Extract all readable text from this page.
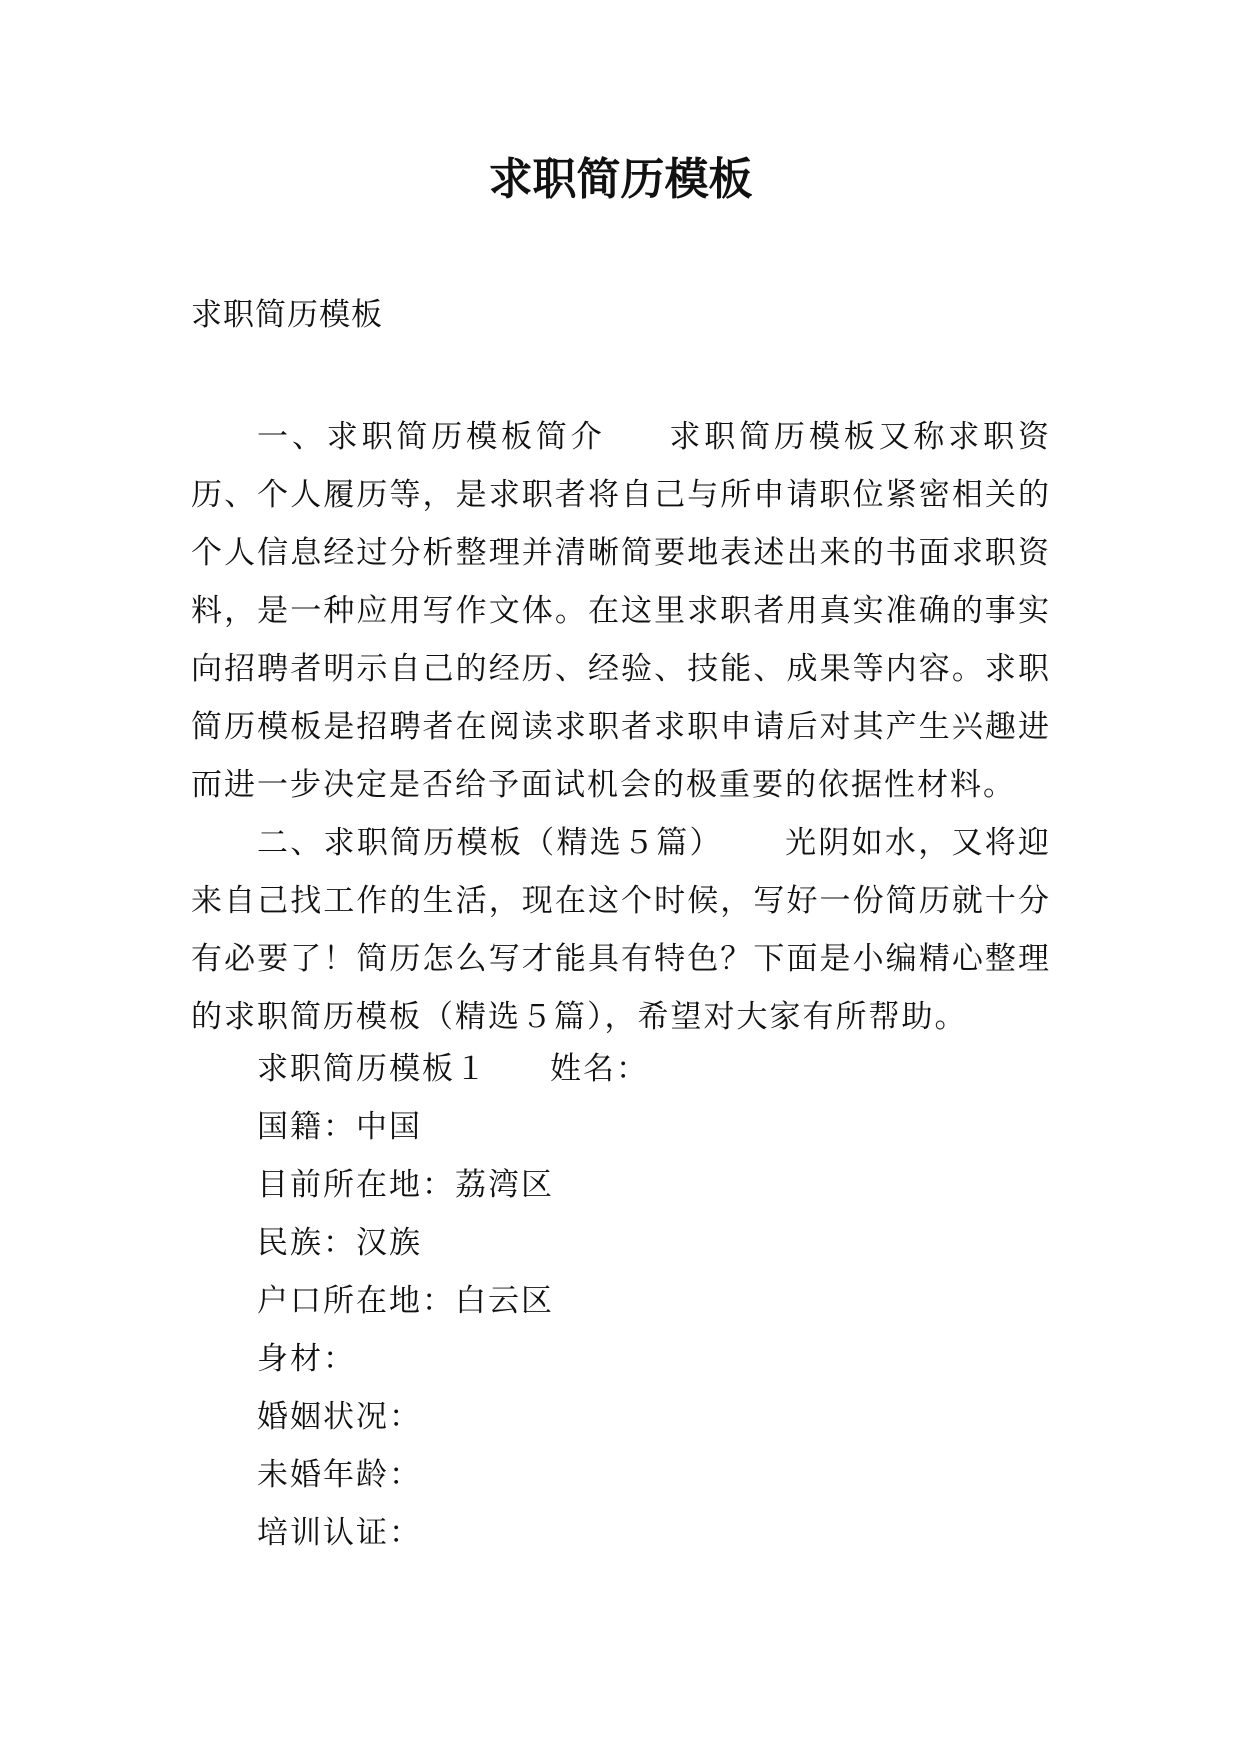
求职简历模板

求职简历模板

一、求职简历模板简介 求职简历模板又称求职资历、个人履历等，是求职者将自己与所申请职位紧密相关的个人信息经过分析整理并清晰简要地表述出来的书面求职资料，是一种应用写作文体。在这里求职者用真实准确的事实向招聘者明示自己的经历、经验、技能、成果等内容。求职简历模板是招聘者在阅读求职者求职申请后对其产生兴趣进而进一步决定是否给予面试机会的极重要的依据性材料。

二、求职简历模板（精选５篇） 光阴如水，又将迎来自己找工作的生活，现在这个时候，写好一份简历就十分有必要了！简历怎么写才能具有特色？下面是小编精心整理的求职简历模板（精选５篇），希望对大家有所帮助。

求职简历模板１ 姓名：
国籍：中国
目前所在地：荔湾区
民族：汉族
户口所在地：白云区
身材：
婚姻状况：
未婚年龄：
培训认证：
